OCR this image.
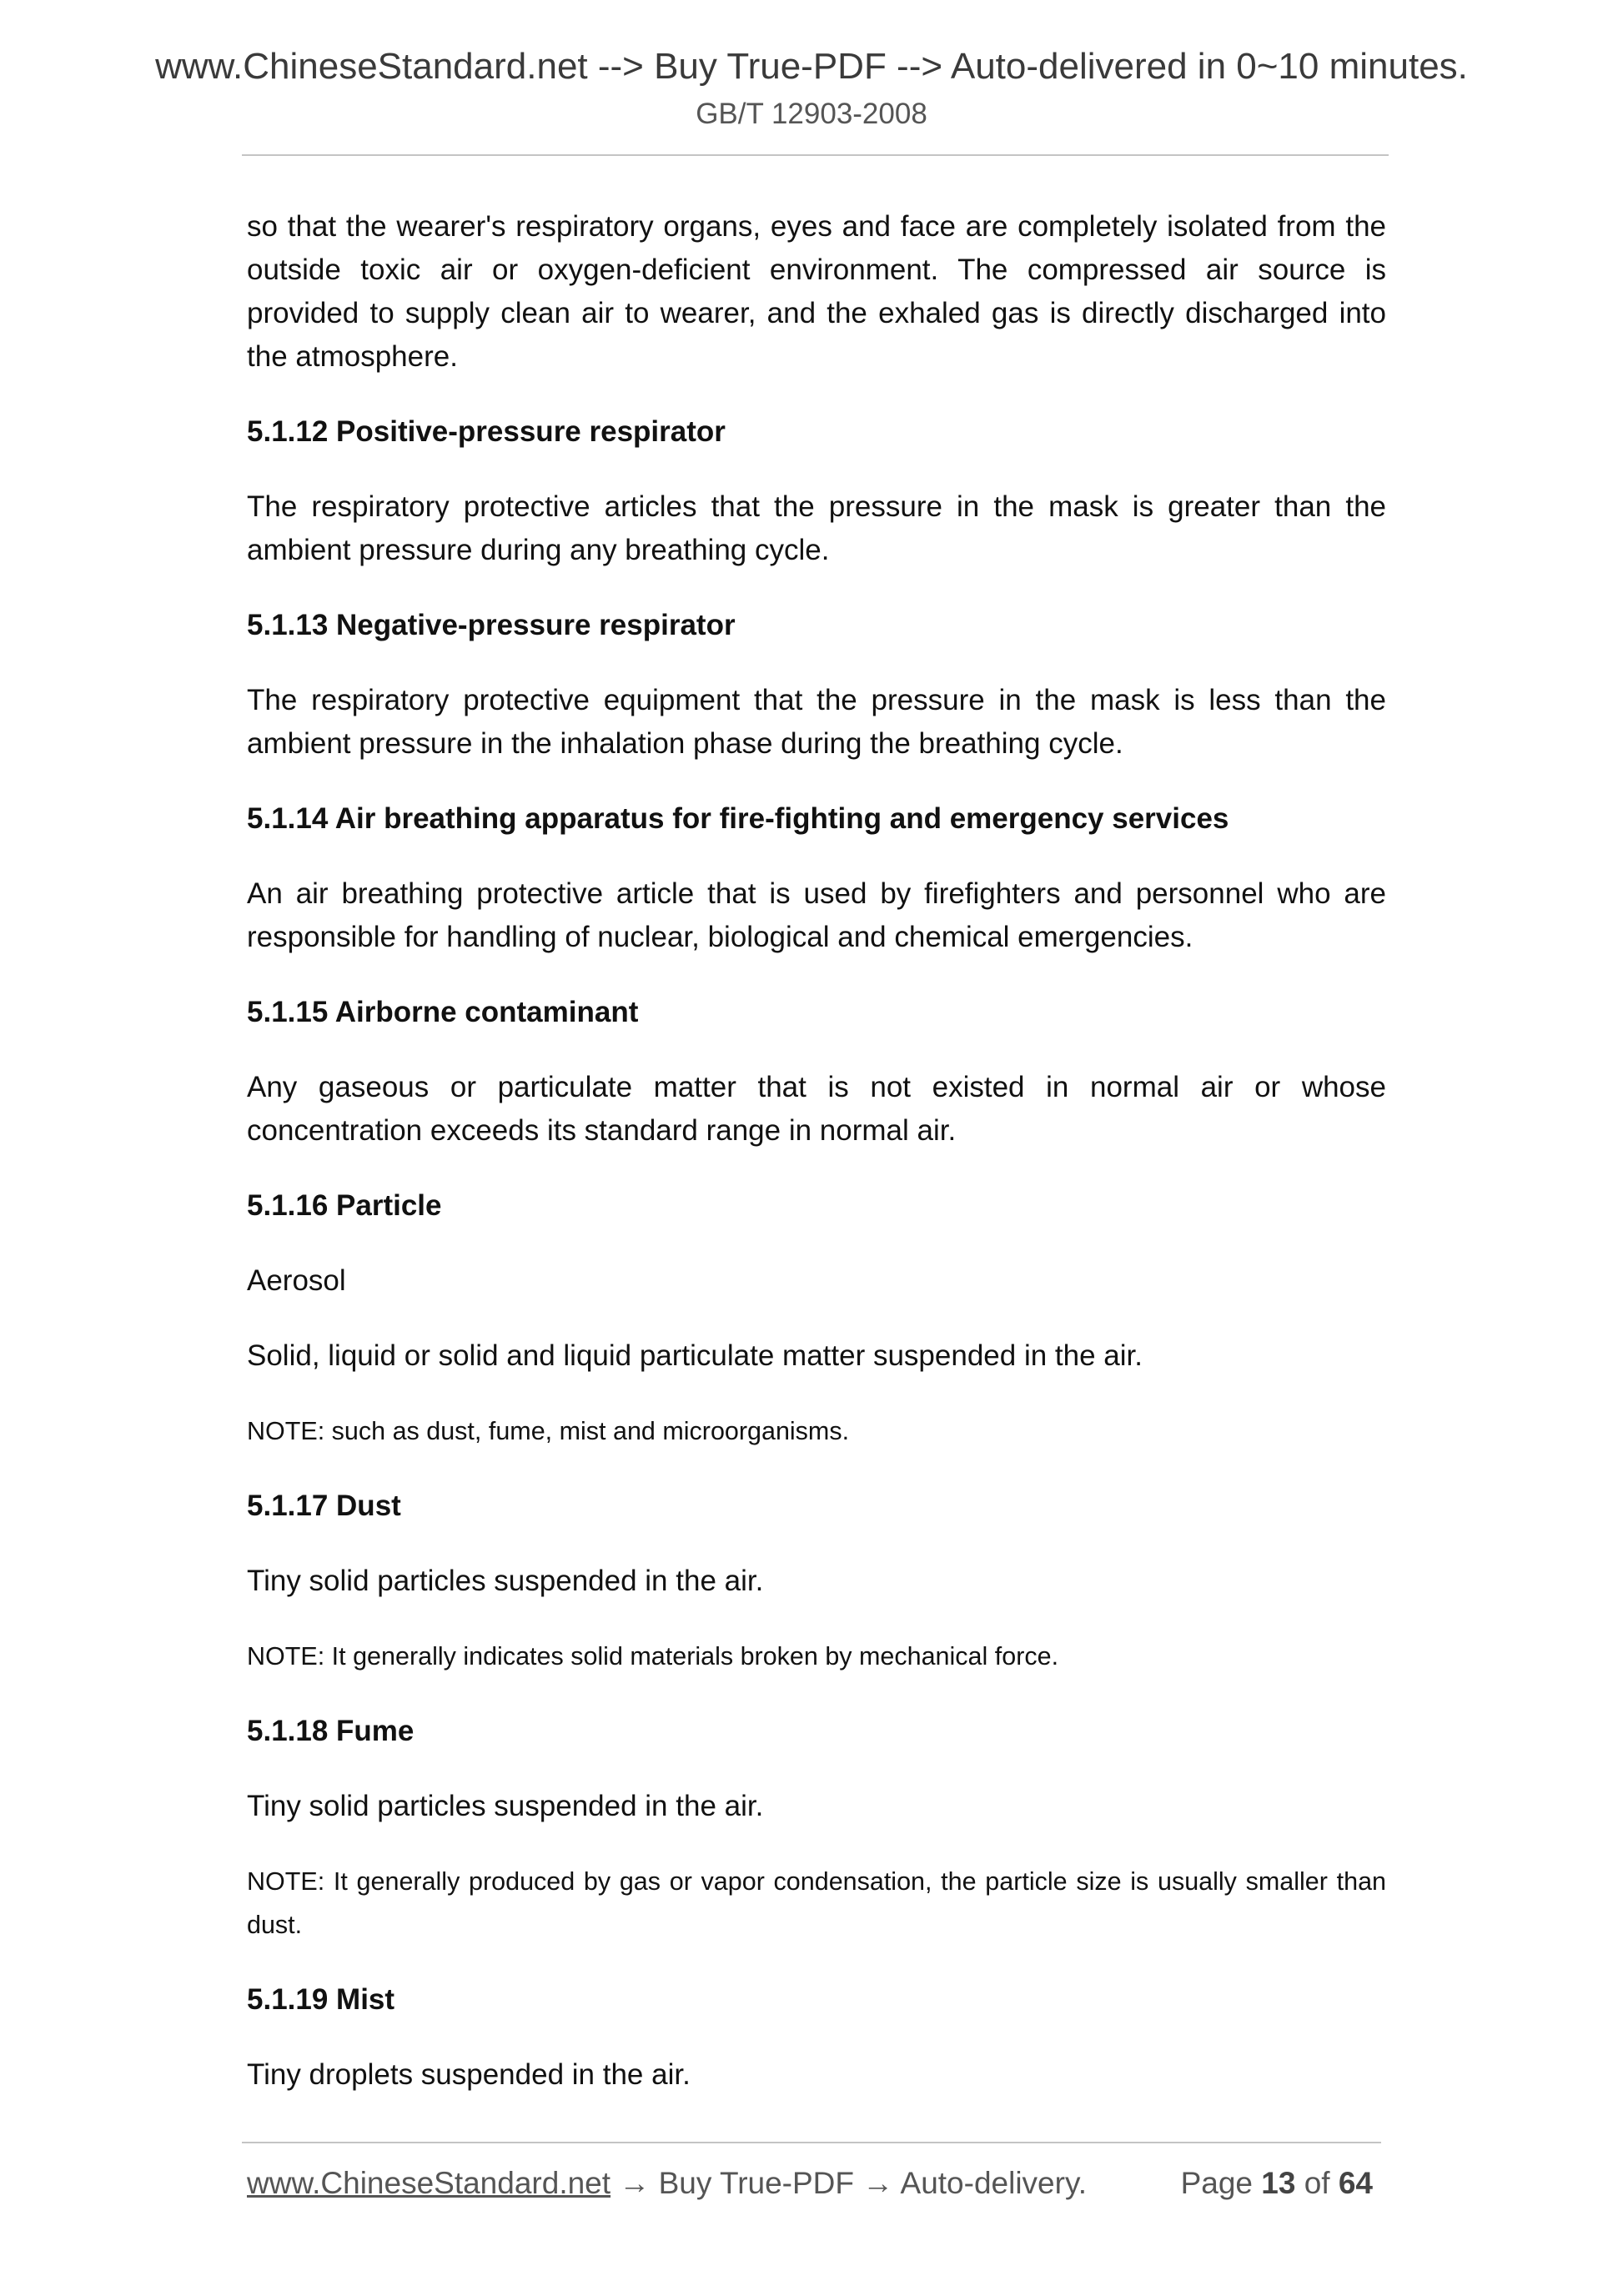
www.ChineseStandard.net --> Buy True-PDF --> Auto-delivered in 0~10 minutes.
GB/T 12903-2008

so that the wearer's respiratory organs, eyes and face are completely isolated from the outside toxic air or oxygen-deficient environment. The compressed air source is provided to supply clean air to wearer, and the exhaled gas is directly discharged into the atmosphere.

5.1.12 Positive-pressure respirator

The respiratory protective articles that the pressure in the mask is greater than the ambient pressure during any breathing cycle.

5.1.13 Negative-pressure respirator

The respiratory protective equipment that the pressure in the mask is less than the ambient pressure in the inhalation phase during the breathing cycle.

5.1.14 Air breathing apparatus for fire-fighting and emergency services

An air breathing protective article that is used by firefighters and personnel who are responsible for handling of nuclear, biological and chemical emergencies.

5.1.15 Airborne contaminant

Any gaseous or particulate matter that is not existed in normal air or whose concentration exceeds its standard range in normal air.

5.1.16 Particle

Aerosol

Solid, liquid or solid and liquid particulate matter suspended in the air.

NOTE: such as dust, fume, mist and microorganisms.

5.1.17 Dust

Tiny solid particles suspended in the air.

NOTE: It generally indicates solid materials broken by mechanical force.

5.1.18 Fume

Tiny solid particles suspended in the air.

NOTE: It generally produced by gas or vapor condensation, the particle size is usually smaller than dust.

5.1.19 Mist

Tiny droplets suspended in the air.

www.ChineseStandard.net → Buy True-PDF → Auto-delivery.	Page 13 of 64
